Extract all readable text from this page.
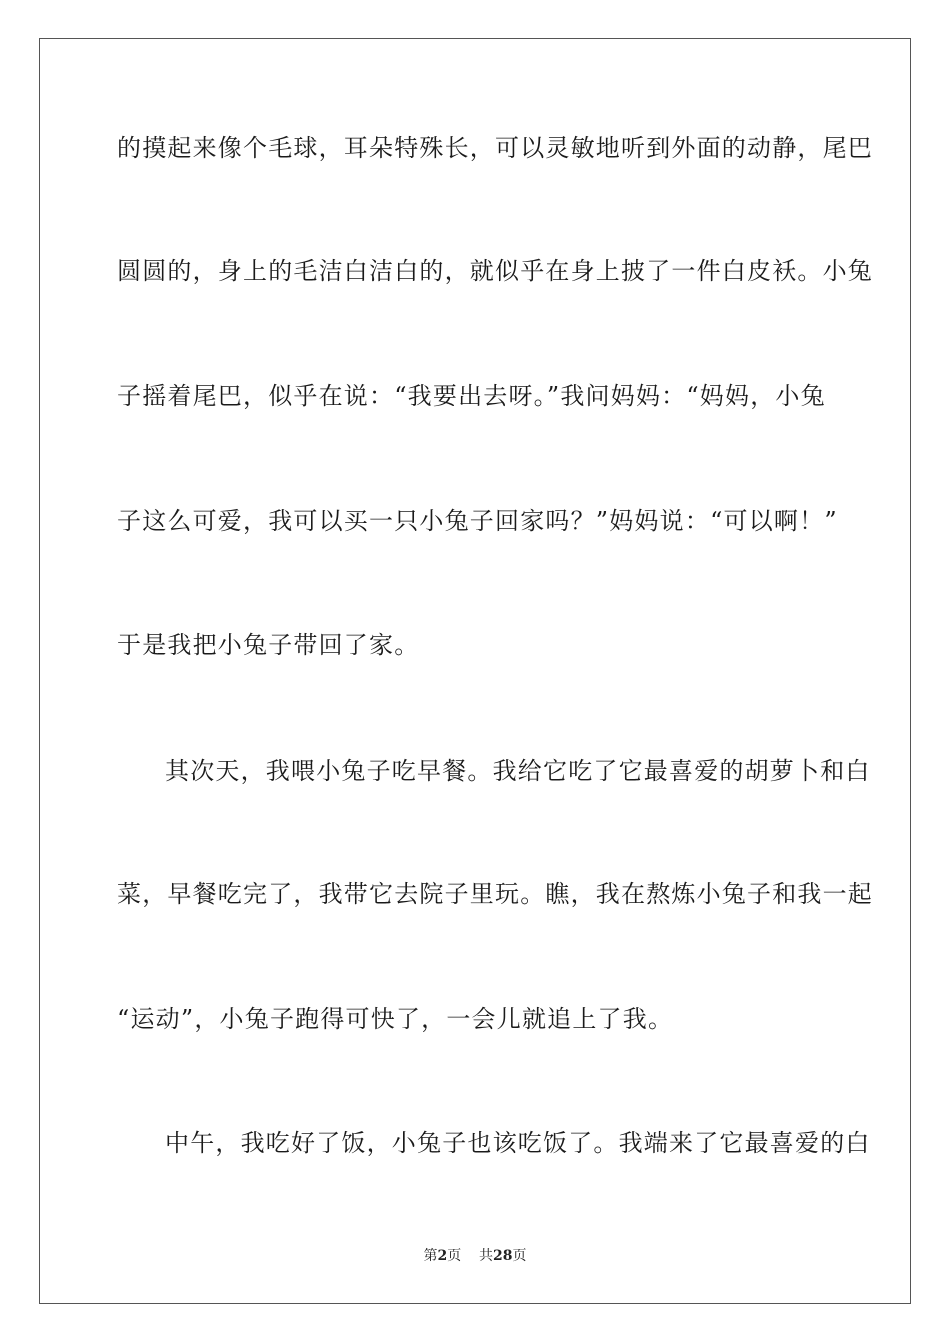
的摸起来像个毛球，耳朵特殊长，可以灵敏地听到外面的动静，尾巴
圆圆的，身上的毛洁白洁白的，就似乎在身上披了一件白皮袄。小兔
子摇着尾巴，似乎在说：“我要出去呀。”我问妈妈：“妈妈，小兔
子这么可爱，我可以买一只小兔子回家吗？”妈妈说：“可以啊！”
于是我把小兔子带回了家。
其次天，我喂小兔子吃早餐。我给它吃了它最喜爱的胡萝卜和白
菜，早餐吃完了，我带它去院子里玩。瞧，我在熬炼小兔子和我一起
“运动”，小兔子跑得可快了，一会儿就追上了我。
中午，我吃好了饭，小兔子也该吃饭了。我端来了它最喜爱的白
第2页 共28页
